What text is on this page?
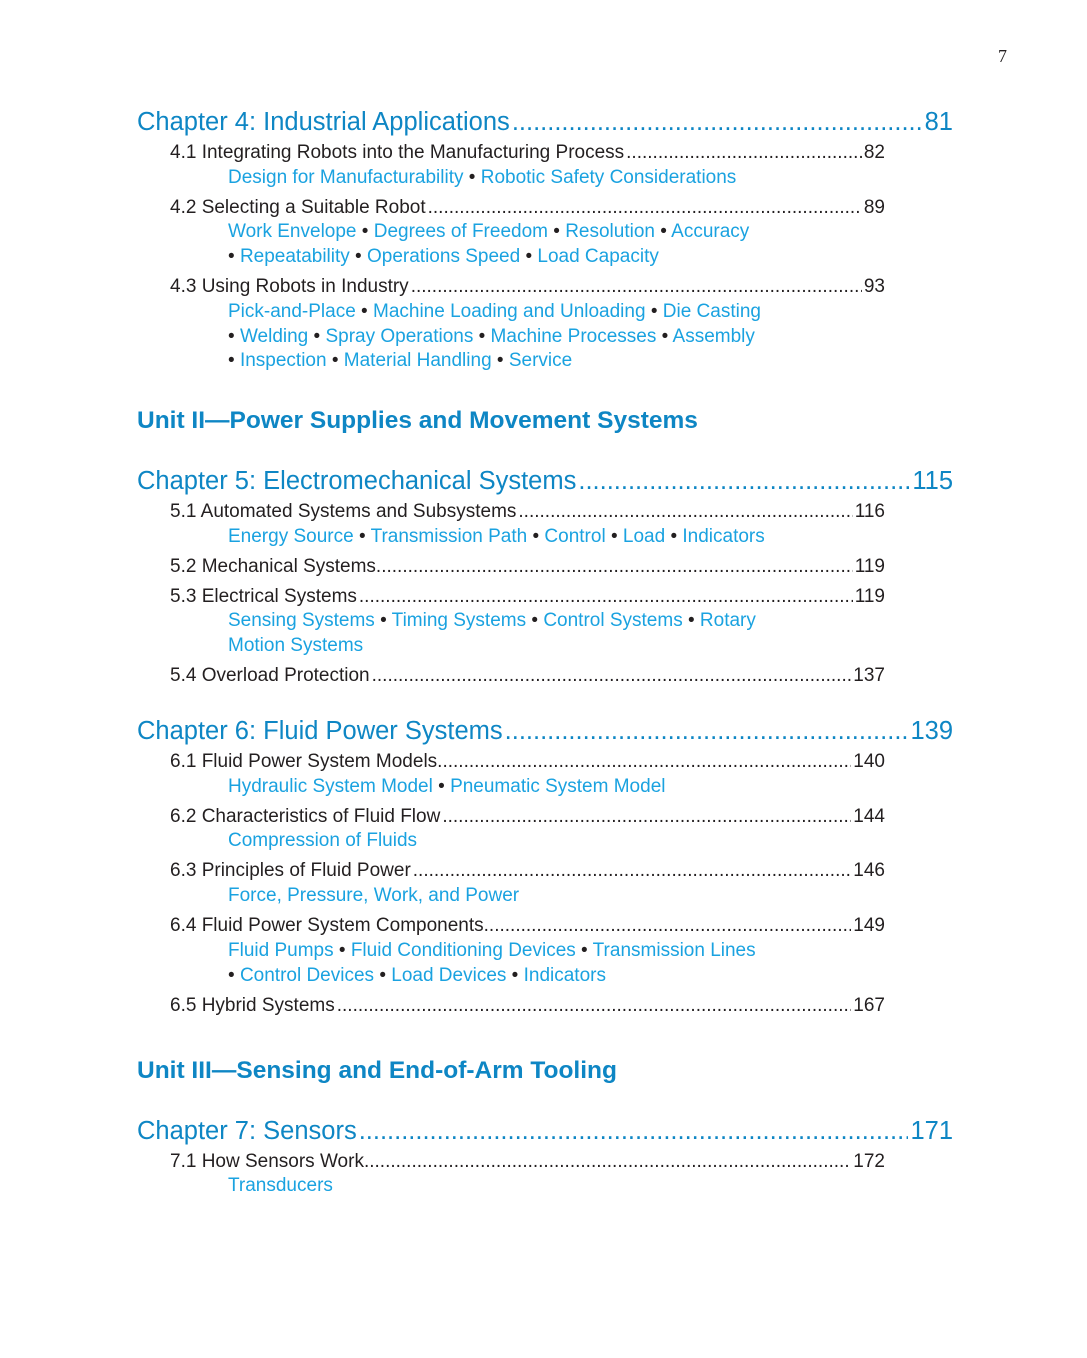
7
Chapter 4: Industrial Applications .....	81
4.1 Integrating Robots into the Manufacturing Process .....	82
Design for Manufacturability • Robotic Safety Considerations
4.2 Selecting a Suitable Robot .....	89
Work Envelope • Degrees of Freedom • Resolution • Accuracy
• Repeatability • Operations Speed • Load Capacity
4.3 Using Robots in Industry .....	93
Pick-and-Place • Machine Loading and Unloading • Die Casting
• Welding • Spray Operations • Machine Processes • Assembly
• Inspection • Material Handling • Service
Unit II—Power Supplies and Movement Systems
Chapter 5: Electromechanical Systems .....	115
5.1 Automated Systems and Subsystems .....	116
Energy Source • Transmission Path • Control • Load • Indicators
5.2 Mechanical Systems .....	119
5.3 Electrical Systems .....	119
Sensing Systems • Timing Systems • Control Systems • Rotary
Motion Systems
5.4 Overload Protection .....	137
Chapter 6: Fluid Power Systems .....	139
6.1 Fluid Power System Models .....	140
Hydraulic System Model • Pneumatic System Model
6.2 Characteristics of Fluid Flow .....	144
Compression of Fluids
6.3 Principles of Fluid Power .....	146
Force, Pressure, Work, and Power
6.4 Fluid Power System Components .....	149
Fluid Pumps • Fluid Conditioning Devices • Transmission Lines
• Control Devices • Load Devices • Indicators
6.5 Hybrid Systems .....	167
Unit III—Sensing and End-of-Arm Tooling
Chapter 7: Sensors .....	171
7.1 How Sensors Work .....	172
Transducers
